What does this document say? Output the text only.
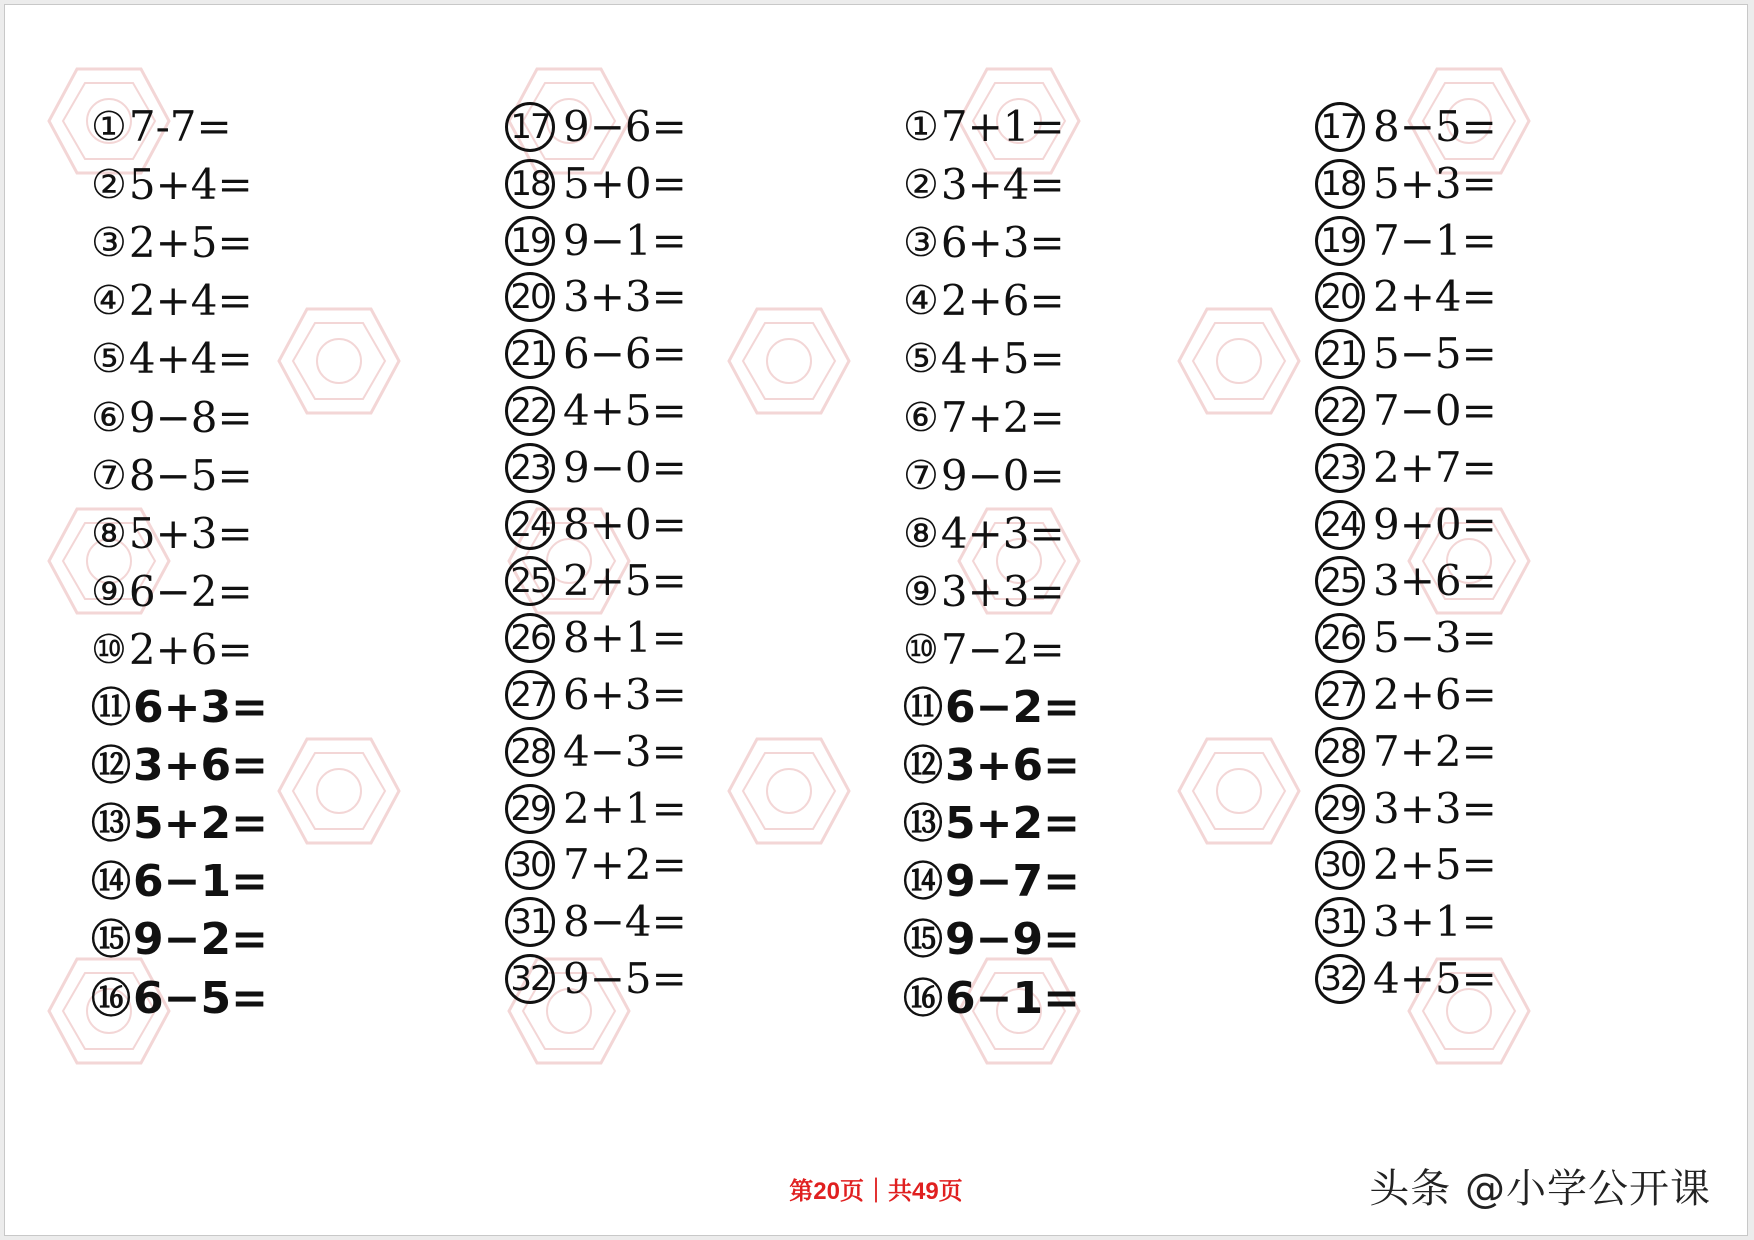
① 7-7=
② 5+4=
③ 2+5=
④ 2+4=
⑤ 4+4=
⑥ 9−8=
⑦ 8−5=
⑧ 5+3=
⑨ 6−2=
⑩ 2+6=
⑪ 6+3=
⑫ 3+6=
⑬ 5+2=
⑭ 6−1=
⑮ 9−2=
⑯ 6−5=
17 9−6=
18 5+0=
19 9−1=
20 3+3=
21 6−6=
22 4+5=
23 9−0=
24 8+0=
25 2+5=
26 8+1=
27 6+3=
28 4−3=
29 2+1=
30 7+2=
31 8−4=
32 9−5=
① 7+1=
② 3+4=
③ 6+3=
④ 2+6=
⑤ 4+5=
⑥ 7+2=
⑦ 9−0=
⑧ 4+3=
⑨ 3+3=
⑩ 7−2=
⑪ 6−2=
⑫ 3+6=
⑬ 5+2=
⑭ 9−7=
⑮ 9−9=
⑯ 6−1=
17 8−5=
18 5+3=
19 7−1=
20 2+4=
21 5−5=
22 7−0=
23 2+7=
24 9+0=
25 3+6=
26 5−3=
27 2+6=
28 7+2=
29 3+3=
30 2+5=
31 3+1=
32 4+5=
第20页｜共49页	头条 @小学公开课
